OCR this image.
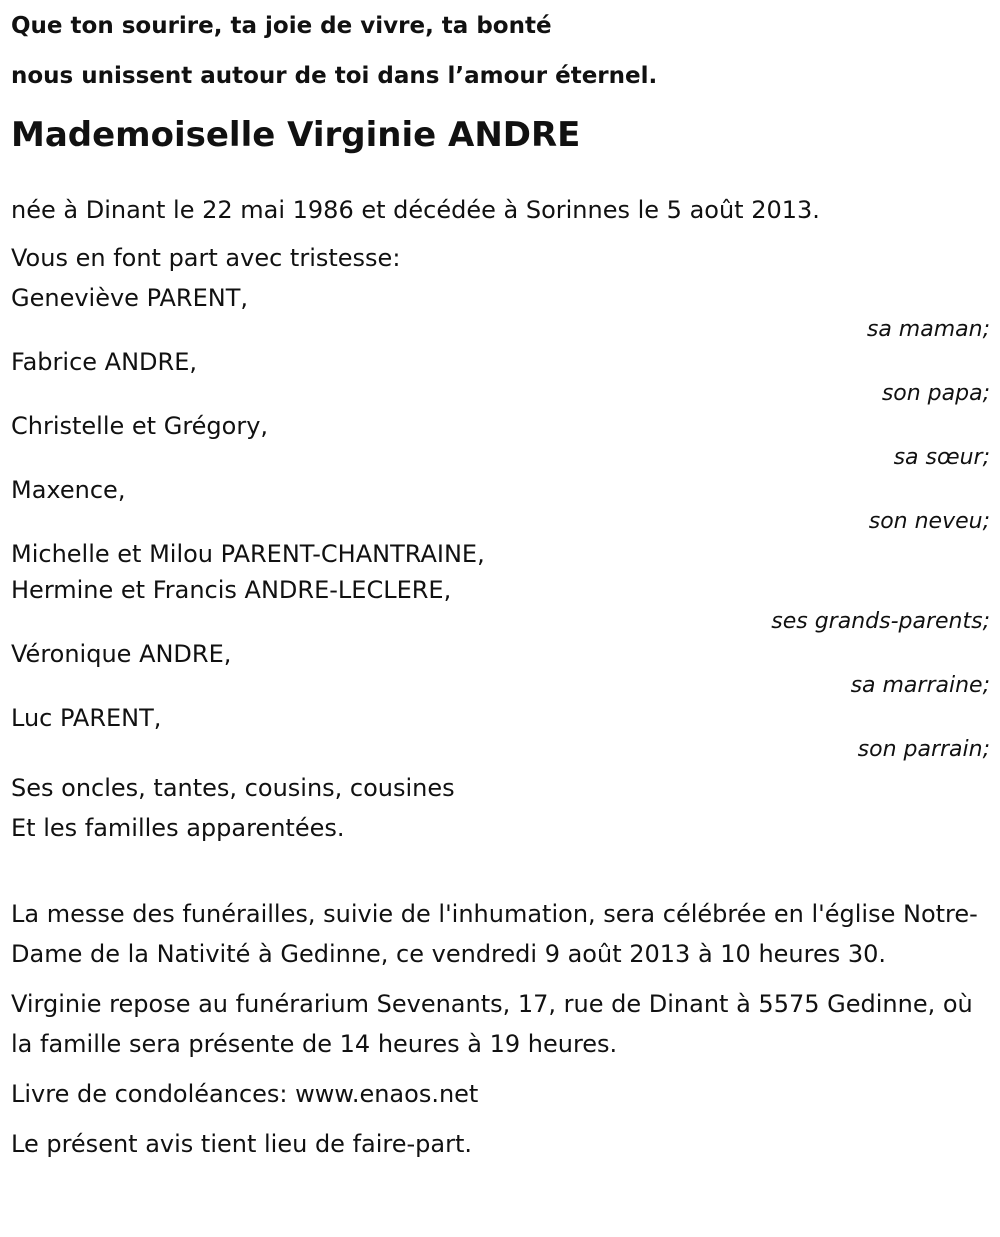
Que ton sourire, ta joie de vivre, ta bonté
nous unissent autour de toi dans l’amour éternel.
Mademoiselle Virginie ANDRE
née à Dinant le 22 mai 1986 et décédée à Sorinnes le 5 août 2013.
Vous en font part avec tristesse:
Geneviève PARENT,
sa maman;
Fabrice ANDRE,
son papa;
Christelle et Grégory,
sa sœur;
Maxence,
son neveu;
Michelle et Milou PARENT-CHANTRAINE,
Hermine et Francis ANDRE-LECLERE,
ses grands-parents;
Véronique ANDRE,
sa marraine;
Luc PARENT,
son parrain;
Ses oncles, tantes, cousins, cousines
Et les familles apparentées.
La messe des funérailles, suivie de l'inhumation, sera célébrée en l'église Notre-Dame de la Nativité à Gedinne, ce vendredi 9 août 2013 à 10 heures 30.
Virginie repose au funérarium Sevenants, 17, rue de Dinant à 5575 Gedinne, où la famille sera présente de 14 heures à 19 heures.
Livre de condoléances: www.enaos.net
Le présent avis tient lieu de faire-part.
